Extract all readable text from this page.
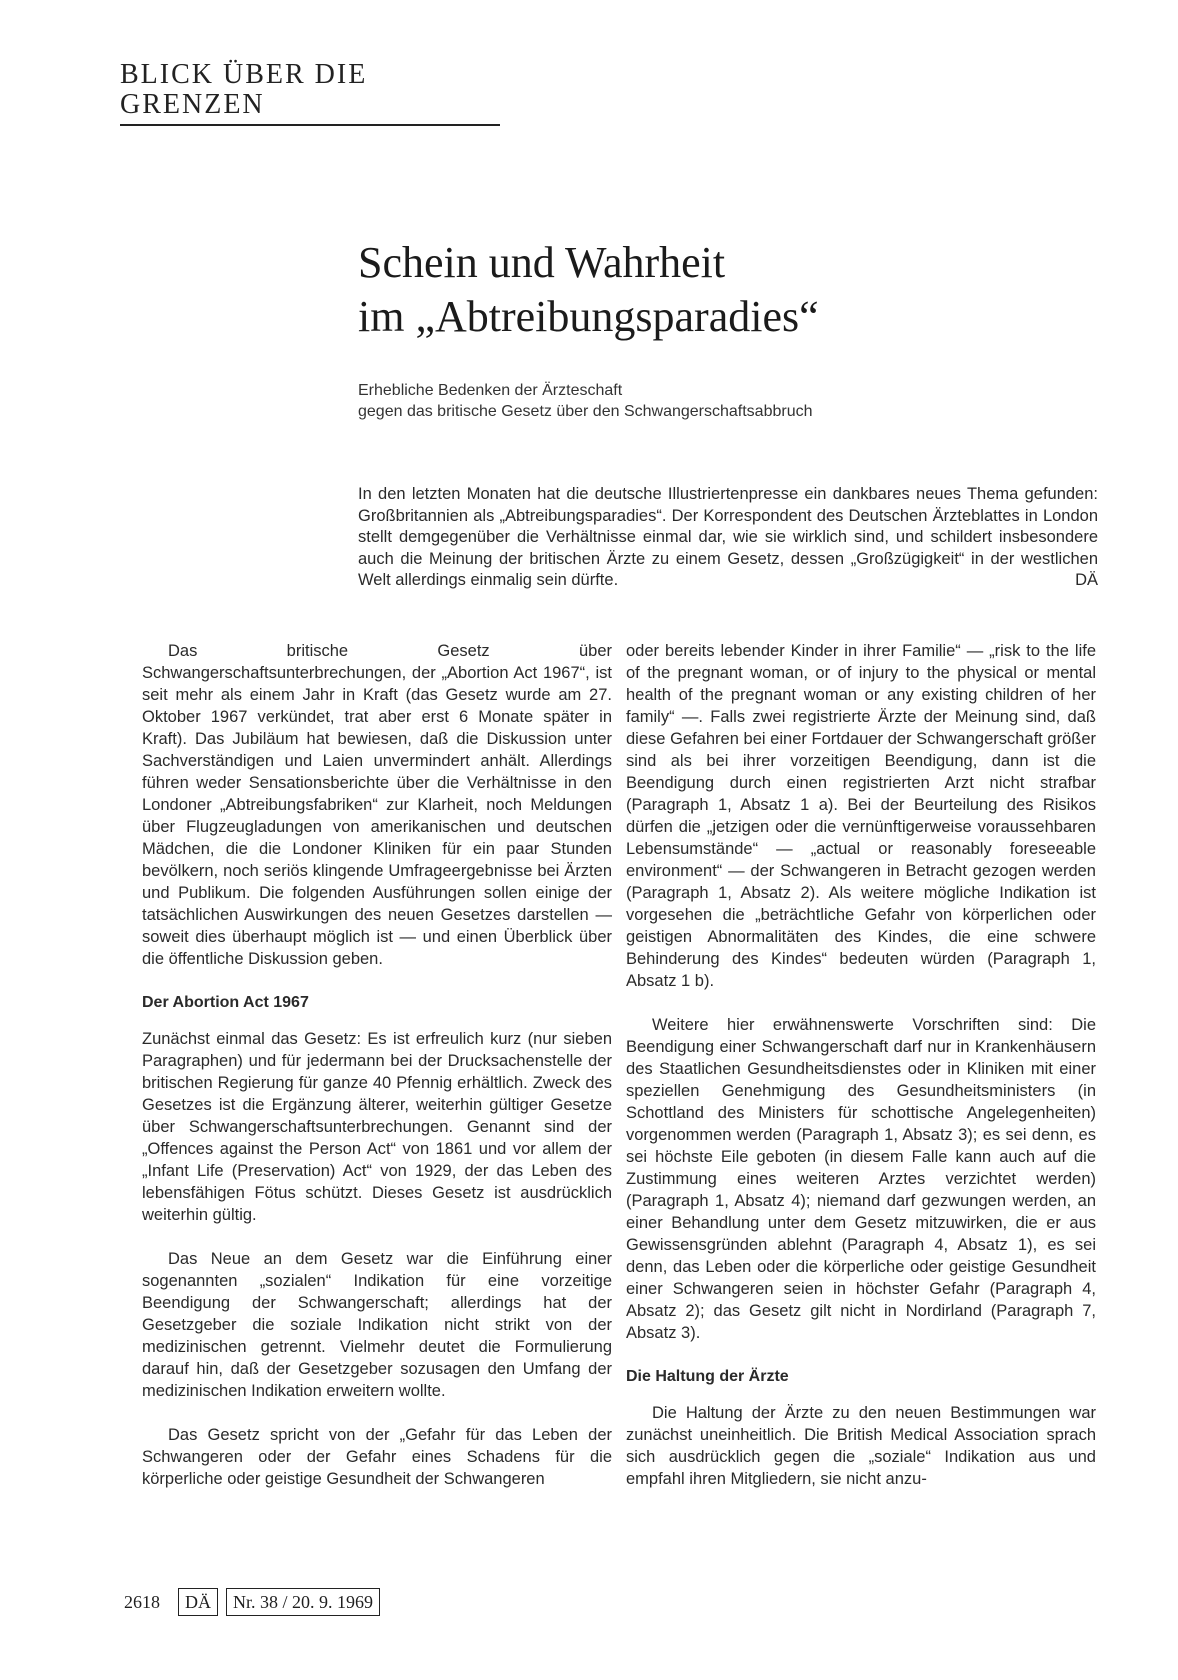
BLICK ÜBER DIE GRENZEN
Schein und Wahrheit
im „Abtreibungsparadies“
Erhebliche Bedenken der Ärzteschaft
gegen das britische Gesetz über den Schwangerschaftsabbruch
In den letzten Monaten hat die deutsche Illustriertenpresse ein dankbares neues Thema gefunden: Großbritannien als „Abtreibungsparadies“. Der Korrespondent des Deutschen Ärzteblattes in London stellt demgegenüber die Verhältnisse einmal dar, wie sie wirklich sind, und schildert insbesondere auch die Meinung der britischen Ärzte zu einem Gesetz, dessen „Großzügigkeit“ in der westlichen Welt allerdings einmalig sein dürfte.	DÄ

Das britische Gesetz über Schwangerschaftsunterbrechungen, der „Abortion Act 1967“, ist seit mehr als einem Jahr in Kraft (das Gesetz wurde am 27. Oktober 1967 verkündet, trat aber erst 6 Monate später in Kraft). Das Jubiläum hat bewiesen, daß die Diskussion unter Sachverständigen und Laien unvermindert anhält. Allerdings führen weder Sensationsberichte über die Verhältnisse in den Londoner „Abtreibungsfabriken“ zur Klarheit, noch Meldungen über Flugzeugladungen von amerikanischen und deutschen Mädchen, die die Londoner Kliniken für ein paar Stunden bevölkern, noch seriös klingende Umfrageergebnisse bei Ärzten und Publikum. Die folgenden Ausführungen sollen einige der tatsächlichen Auswirkungen des neuen Gesetzes darstellen — soweit dies überhaupt möglich ist — und einen Überblick über die öffentliche Diskussion geben.

Der Abortion Act 1967

Zunächst einmal das Gesetz: Es ist erfreulich kurz (nur sieben Paragraphen) und für jedermann bei der Drucksachenstelle der britischen Regierung für ganze 40 Pfennig erhältlich. Zweck des Gesetzes ist die Ergänzung älterer, weiterhin gültiger Gesetze über Schwangerschaftsunterbrechungen. Genannt sind der „Offences against the Person Act“ von 1861 und vor allem der „Infant Life (Preservation) Act“ von 1929, der das Leben des lebensfähigen Fötus schützt. Dieses Gesetz ist ausdrücklich weiterhin gültig.

Das Neue an dem Gesetz war die Einführung einer sogenannten „sozialen“ Indikation für eine vorzeitige Beendigung der Schwangerschaft; allerdings hat der Gesetzgeber die soziale Indikation nicht strikt von der medizinischen getrennt. Vielmehr deutet die Formulierung darauf hin, daß der Gesetzgeber sozusagen den Umfang der medizinischen Indikation erweitern wollte.

Das Gesetz spricht von der „Gefahr für das Leben der Schwangeren oder der Gefahr eines Schadens für die körperliche oder geistige Gesundheit der Schwangeren

oder bereits lebender Kinder in ihrer Familie“ — „risk to the life of the pregnant woman, or of injury to the physical or mental health of the pregnant woman or any existing children of her family“ —. Falls zwei registrierte Ärzte der Meinung sind, daß diese Gefahren bei einer Fortdauer der Schwangerschaft größer sind als bei ihrer vorzeitigen Beendigung, dann ist die Beendigung durch einen registrierten Arzt nicht strafbar (Paragraph 1, Absatz 1 a). Bei der Beurteilung des Risikos dürfen die „jetzigen oder die vernünftigerweise voraussehbaren Lebensumstände“ — „actual or reasonably foreseeable environment“ — der Schwangeren in Betracht gezogen werden (Paragraph 1, Absatz 2). Als weitere mögliche Indikation ist vorgesehen die „beträchtliche Gefahr von körperlichen oder geistigen Abnormalitäten des Kindes, die eine schwere Behinderung des Kindes“ bedeuten würden (Paragraph 1, Absatz 1 b).

Weitere hier erwähnenswerte Vorschriften sind: Die Beendigung einer Schwangerschaft darf nur in Krankenhäusern des Staatlichen Gesundheitsdienstes oder in Kliniken mit einer speziellen Genehmigung des Gesundheitsministers (in Schottland des Ministers für schottische Angelegenheiten) vorgenommen werden (Paragraph 1, Absatz 3); es sei denn, es sei höchste Eile geboten (in diesem Falle kann auch auf die Zustimmung eines weiteren Arztes verzichtet werden) (Paragraph 1, Absatz 4); niemand darf gezwungen werden, an einer Behandlung unter dem Gesetz mitzuwirken, die er aus Gewissensgründen ablehnt (Paragraph 4, Absatz 1), es sei denn, das Leben oder die körperliche oder geistige Gesundheit einer Schwangeren seien in höchster Gefahr (Paragraph 4, Absatz 2); das Gesetz gilt nicht in Nordirland (Paragraph 7, Absatz 3).

Die Haltung der Ärzte

Die Haltung der Ärzte zu den neuen Bestimmungen war zunächst uneinheitlich. Die British Medical Association sprach sich ausdrücklich gegen die „soziale“ Indikation aus und empfahl ihren Mitgliedern, sie nicht anzu-

2618	DÄ	Nr. 38 / 20. 9. 1969
